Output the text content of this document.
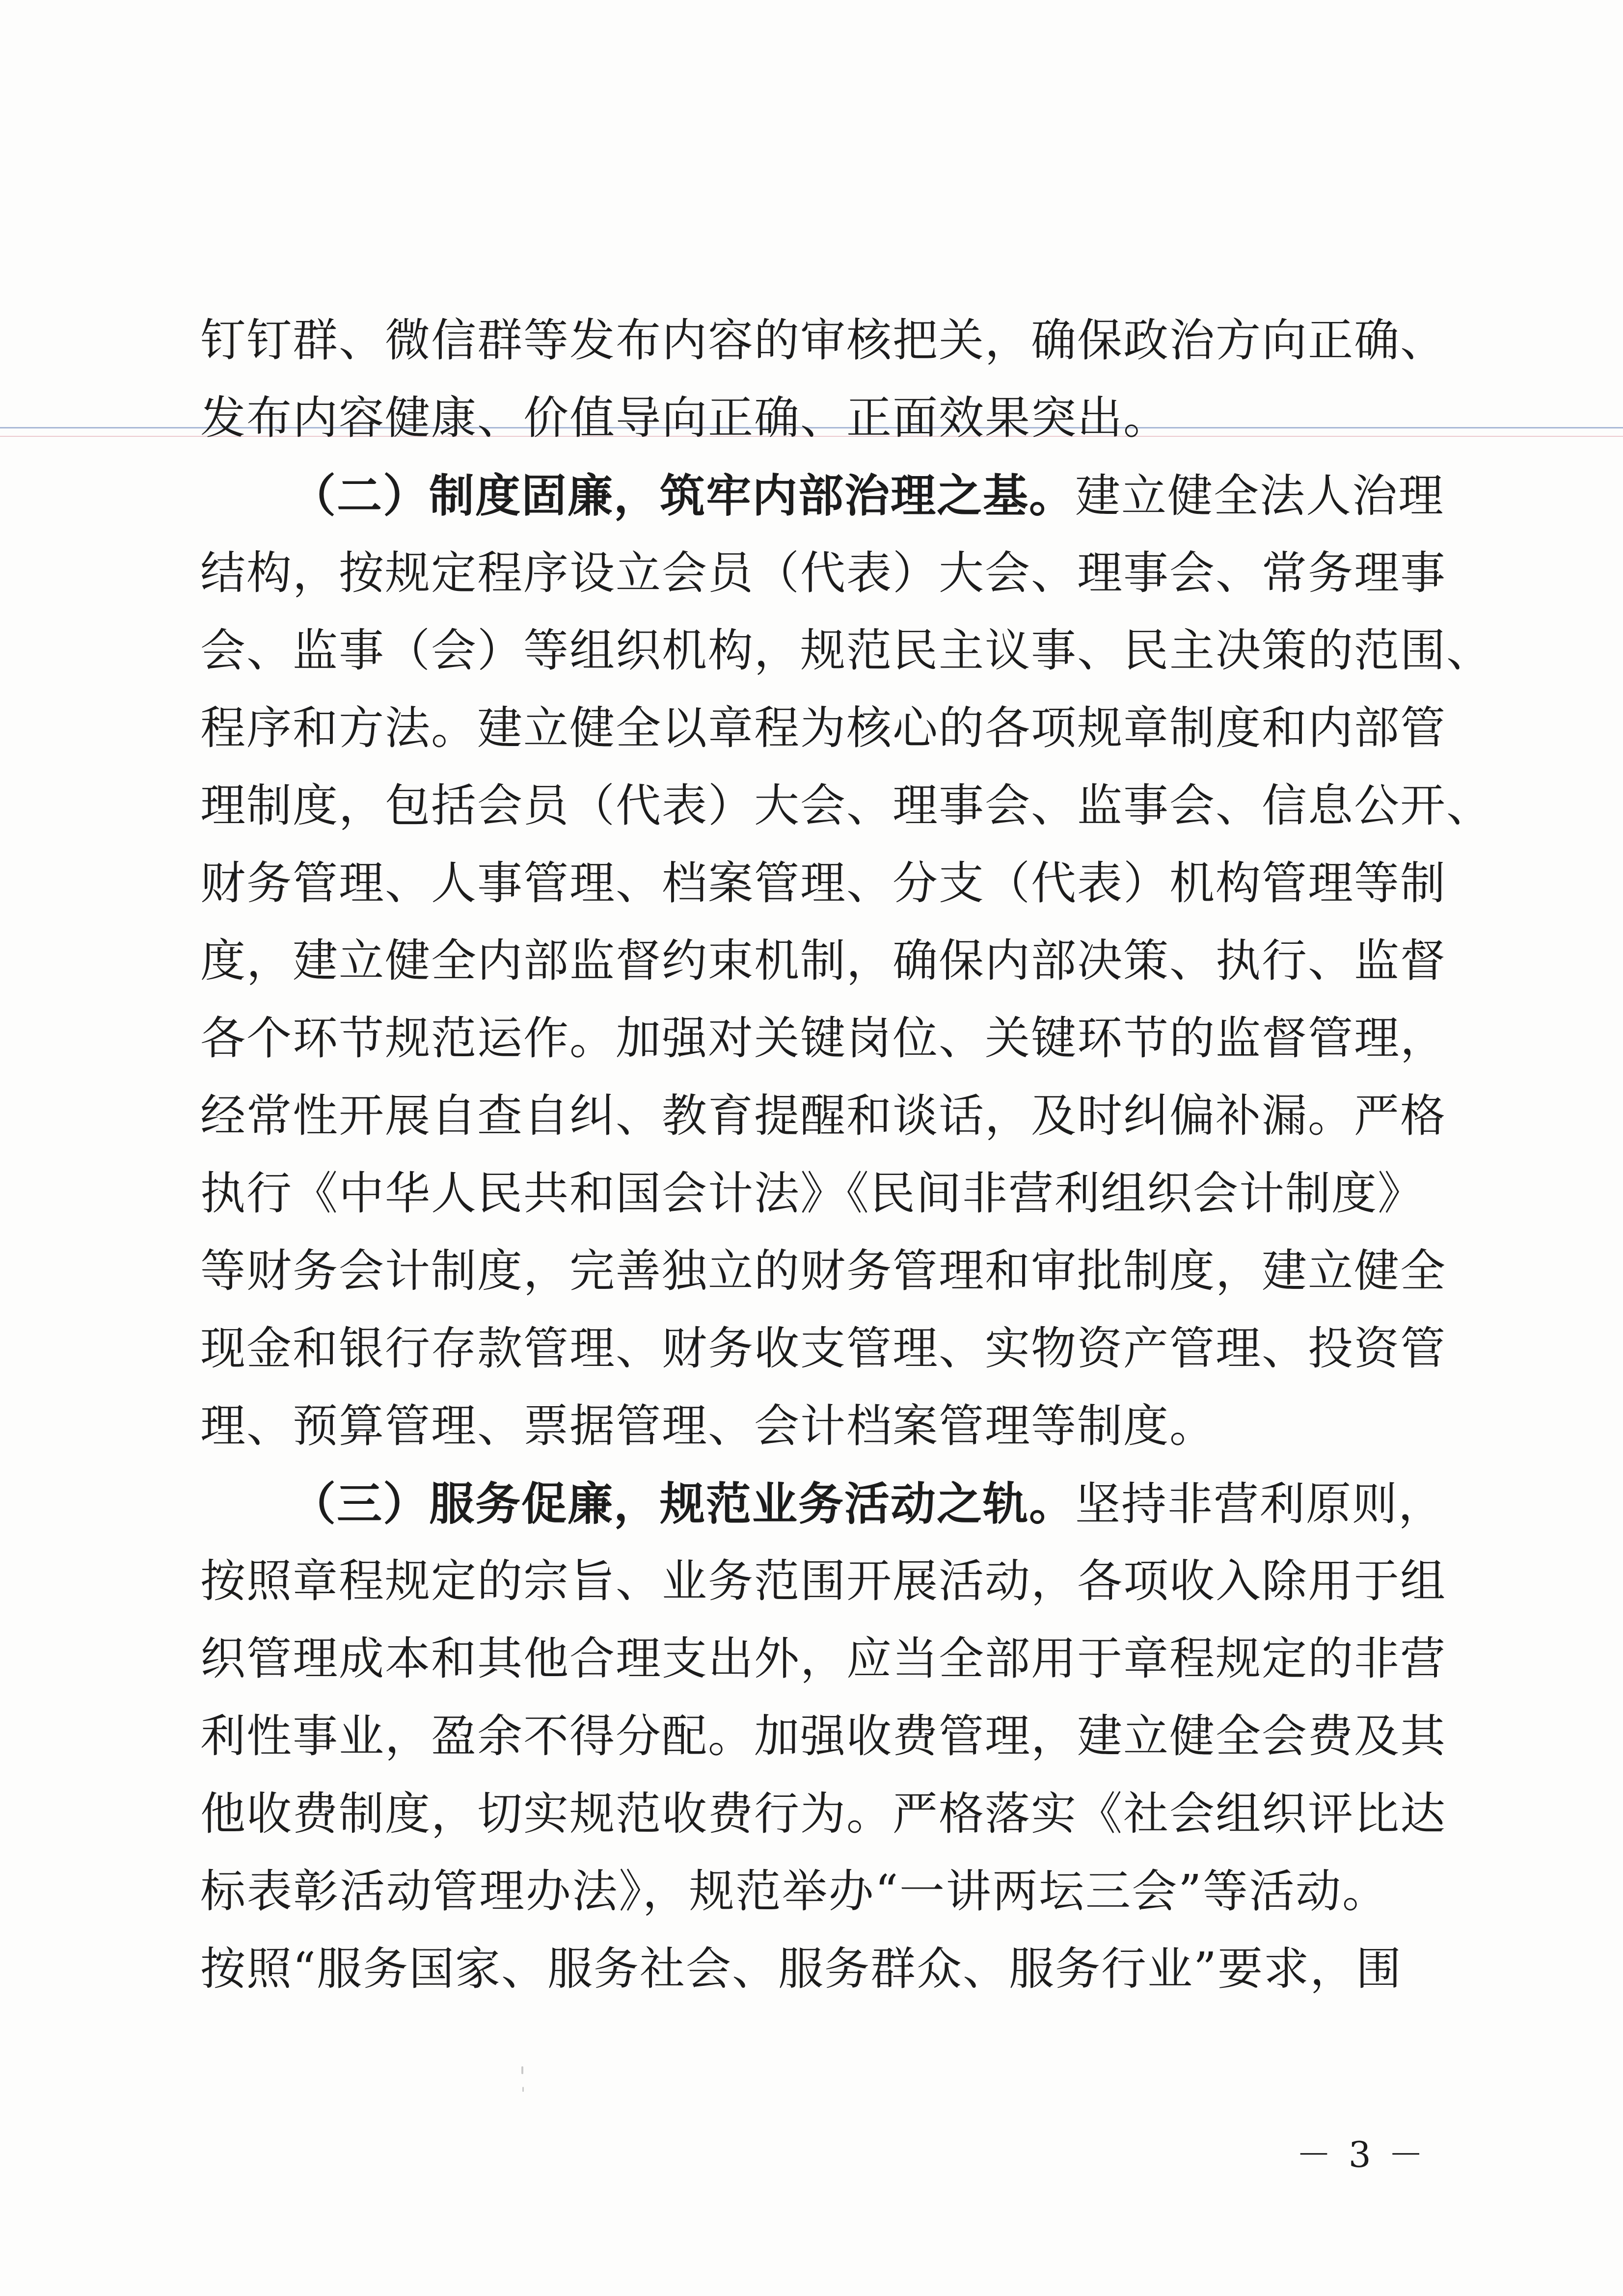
钉钉群、微信群等发布内容的审核把关，确保政治方向正确、
发布内容健康、价值导向正确、正面效果突出。
（二）制度固廉，筑牢内部治理之基。建立健全法人治理
结构，按规定程序设立会员（代表）大会、理事会、常务理事
会、监事（会）等组织机构，规范民主议事、民主决策的范围、
程序和方法。建立健全以章程为核心的各项规章制度和内部管
理制度，包括会员（代表）大会、理事会、监事会、信息公开、
财务管理、人事管理、档案管理、分支（代表）机构管理等制
度，建立健全内部监督约束机制，确保内部决策、执行、监督
各个环节规范运作。加强对关键岗位、关键环节的监督管理，
经常性开展自查自纠、教育提醒和谈话，及时纠偏补漏。严格
执行《中华人民共和国会计法》《民间非营利组织会计制度》
等财务会计制度，完善独立的财务管理和审批制度，建立健全
现金和银行存款管理、财务收支管理、实物资产管理、投资管
理、预算管理、票据管理、会计档案管理等制度。
（三）服务促廉，规范业务活动之轨。坚持非营利原则，
按照章程规定的宗旨、业务范围开展活动，各项收入除用于组
织管理成本和其他合理支出外，应当全部用于章程规定的非营
利性事业，盈余不得分配。加强收费管理，建立健全会费及其
他收费制度，切实规范收费行为。严格落实《社会组织评比达
标表彰活动管理办法》，规范举办“一讲两坛三会”等活动。
按照“服务国家、服务社会、服务群众、服务行业”要求，围
－ 3 －
